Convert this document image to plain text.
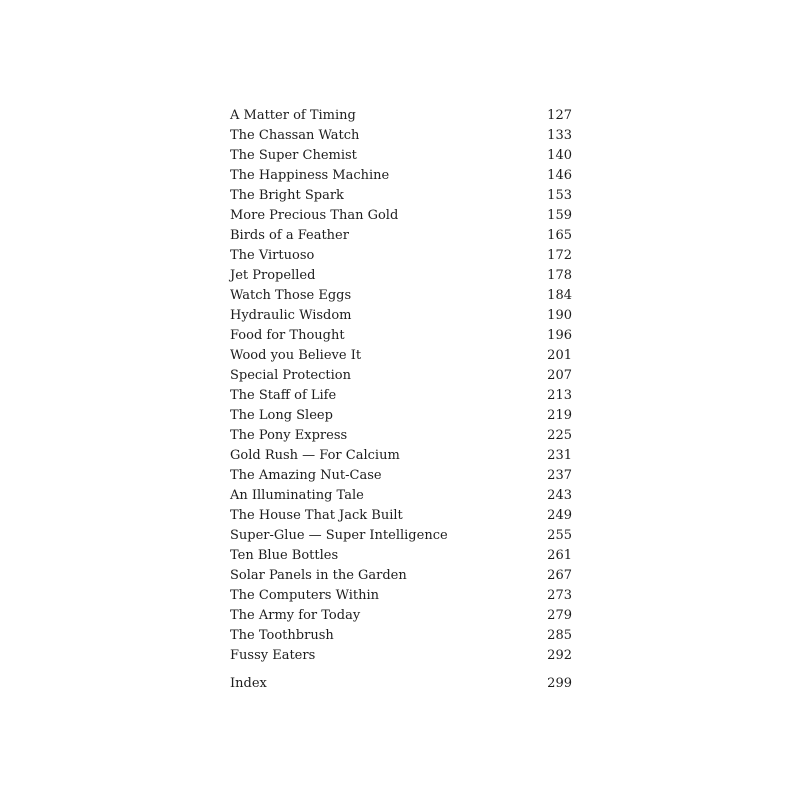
A Matter of Timing	127
The Chassan Watch	133
The Super Chemist	140
The Happiness Machine	146
The Bright Spark	153
More Precious Than Gold	159
Birds of a Feather	165
The Virtuoso	172
Jet Propelled	178
Watch Those Eggs	184
Hydraulic Wisdom	190
Food for Thought	196
Wood you Believe It	201
Special Protection	207
The Staff of Life	213
The Long Sleep	219
The Pony Express	225
Gold Rush — For Calcium	231
The Amazing Nut-Case	237
An Illuminating Tale	243
The House That Jack Built	249
Super-Glue — Super Intelligence	255
Ten Blue Bottles	261
Solar Panels in the Garden	267
The Computers Within	273
The Army for Today	279
The Toothbrush	285
Fussy Eaters	292
Index	299
